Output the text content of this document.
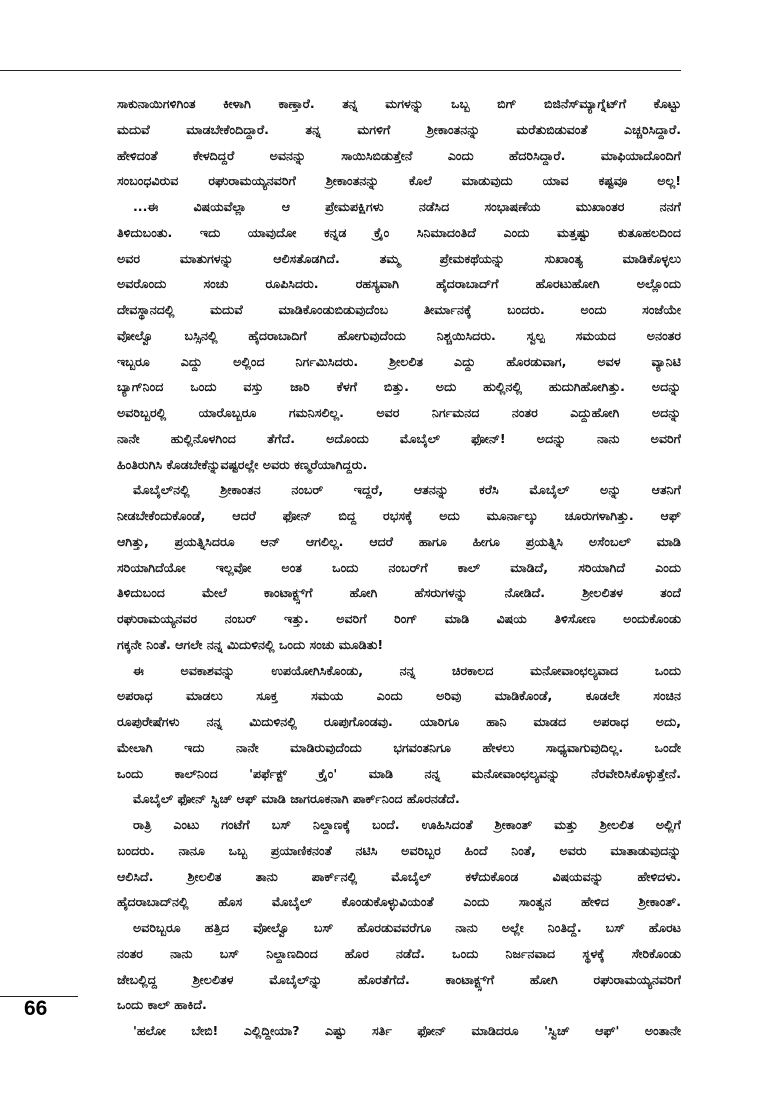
ಸಾಕುನಾಯಿಗಳಿಗಿಂತ ಕೀಳಾಗಿ ಕಾಣ್ತಾರೆ. ತನ್ನ ಮಗಳನ್ನು ಒಬ್ಬ ಬಿಗ್ ಬಿಜಿನೆಸ್‌ಮ್ಯಾಗ್ನೆಟ್‌ಗೆ ಕೊಟ್ಟು
ಮದುವೆ ಮಾಡಬೇಕೆಂದಿದ್ದಾರೆ. ತನ್ನ ಮಗಳಿಗೆ ಶ್ರೀಕಾಂತನನ್ನು ಮರೆತುಬಿಡುವಂತೆ ಎಚ್ಚರಿಸಿದ್ದಾರೆ.
ಹೇಳಿದಂತೆ ಕೇಳದಿದ್ದರೆ ಅವನನ್ನು ಸಾಯಿಸಿಬಿಡುತ್ತೇನೆ ಎಂದು ಹೆದರಿಸಿದ್ದಾರೆ. ಮಾಫಿಯಾದೊಂದಿಗೆ
ಸಂಬಂಧವಿರುವ ರಘುರಾಮಯ್ಯನವರಿಗೆ ಶ್ರೀಕಾಂತನನ್ನು ಕೊಲೆ ಮಾಡುವುದು ಯಾವ ಕಷ್ಟವೂ ಅಲ್ಲ!
...ಈ ವಿಷಯವೆಲ್ಲಾ ಆ ಪ್ರೇಮಪಕ್ಷಿಗಳು ನಡೆಸಿದ ಸಂಭಾಷಣೆಯ ಮುಖಾಂತರ ನನಗೆ
ತಿಳಿದುಬಂತು. ಇದು ಯಾವುದೋ ಕನ್ನಡ ಕ್ರೈಂ ಸಿನಿಮಾದಂತಿದೆ ಎಂದು ಮತ್ತಷ್ಟು ಕುತೂಹಲದಿಂದ
ಅವರ ಮಾತುಗಳನ್ನು ಆಲಿಸತೊಡಗಿದೆ. ತಮ್ಮ ಪ್ರೇಮಕಥೆಯನ್ನು ಸುಖಾಂತ್ಯ ಮಾಡಿಕೊಳ್ಳಲು
ಅವರೊಂದು ಸಂಚು ರೂಪಿಸಿದರು. ರಹಸ್ಯವಾಗಿ ಹೈದರಾಬಾದ್‌ಗೆ ಹೊರಟುಹೋಗಿ ಅಲ್ಲೊಂದು
ದೇವಸ್ಥಾನದಲ್ಲಿ ಮದುವೆ ಮಾಡಿಕೊಂಡುಬಿಡುವುದೆಂಬ ತೀರ್ಮಾನಕ್ಕೆ ಬಂದರು. ಅಂದು ಸಂಜೆಯೇ
ವೋಲ್ವೊ ಬಸ್ಸಿನಲ್ಲಿ ಹೈದರಾಬಾದಿಗೆ ಹೋಗುವುದೆಂದು ನಿಶ್ಚಯಿಸಿದರು. ಸ್ವಲ್ಪ ಸಮಯದ ಅನಂತರ
ಇಬ್ಬರೂ ಎದ್ದು ಅಲ್ಲಿಂದ ನಿರ್ಗಮಿಸಿದರು. ಶ್ರೀಲಲಿತ ಎದ್ದು ಹೊರಡುವಾಗ, ಅವಳ ವ್ಯಾನಿಟಿ
ಬ್ಯಾಗ್‌ನಿಂದ ಒಂದು ವಸ್ತು ಜಾರಿ ಕೆಳಗೆ ಬಿತ್ತು. ಅದು ಹುಲ್ಲಿನಲ್ಲಿ ಹುದುಗಿಹೋಗಿತ್ತು. ಅದನ್ನು
ಅವರಿಬ್ಬರಲ್ಲಿ ಯಾರೊಬ್ಬರೂ ಗಮನಿಸಲಿಲ್ಲ. ಅವರ ನಿರ್ಗಮನದ ನಂತರ ಎದ್ದುಹೋಗಿ ಅದನ್ನು
ನಾನೇ ಹುಲ್ಲಿನೊಳಗಿಂದ ತೆಗೆದೆ. ಅದೊಂದು ಮೊಬೈಲ್ ಫೋನ್! ಅದನ್ನು ನಾನು ಅವರಿಗೆ
ಹಿಂತಿರುಗಿಸಿ ಕೊಡಬೇಕೆನ್ನುವಷ್ಟರಲ್ಲೇ ಅವರು ಕಣ್ಮರೆಯಾಗಿದ್ದರು.
ಮೊಬೈಲ್‌ನಲ್ಲಿ ಶ್ರೀಕಾಂತನ ನಂಬರ್ ಇದ್ದರೆ, ಆತನನ್ನು ಕರೆಸಿ ಮೊಬೈಲ್ ಅನ್ನು ಆತನಿಗೆ
ನೀಡಬೇಕೆಂದುಕೊಂಡೆ, ಆದರೆ ಫೋನ್ ಬಿದ್ದ ರಭಸಕ್ಕೆ ಅದು ಮೂರ್ನಾಲ್ಕು ಚೂರುಗಳಾಗಿತ್ತು. ಆಫ್
ಆಗಿತ್ತು, ಪ್ರಯತ್ನಿಸಿದರೂ ಆನ್ ಆಗಲಿಲ್ಲ. ಆದರೆ ಹಾಗೂ ಹೀಗೂ ಪ್ರಯತ್ನಿಸಿ ಅಸೆಂಬಲ್ ಮಾಡಿ
ಸರಿಯಾಗಿದೆಯೋ ಇಲ್ಲವೋ ಅಂತ ಒಂದು ನಂಬರ್‌ಗೆ ಕಾಲ್ ಮಾಡಿದೆ, ಸರಿಯಾಗಿದೆ ಎಂದು
ತಿಳಿದುಬಂದ ಮೇಲೆ ಕಾಂಟಾಕ್ಟ್ಸ್‌ಗೆ ಹೋಗಿ ಹೆಸರುಗಳನ್ನು ನೋಡಿದೆ. ಶ್ರೀಲಲಿತಳ ತಂದೆ
ರಘುರಾಮಯ್ಯನವರ ನಂಬರ್ ಇತ್ತು. ಅವರಿಗೆ ರಿಂಗ್ ಮಾಡಿ ವಿಷಯ ತಿಳಿಸೋಣ ಅಂದುಕೊಂಡು
ಗಕ್ಕನೇ ನಿಂತೆ. ಆಗಲೇ ನನ್ನ ಮಿದುಳಿನಲ್ಲಿ ಒಂದು ಸಂಚು ಮೂಡಿತು!
ಈ ಅವಕಾಶವನ್ನು ಉಪಯೋಗಿಸಿಕೊಂಡು, ನನ್ನ ಚಿರಕಾಲದ ಮನೋವಾಂಛಲ್ಯವಾದ ಒಂದು
ಅಪರಾಧ ಮಾಡಲು ಸೂಕ್ತ ಸಮಯ ಎಂದು ಅರಿವು ಮಾಡಿಕೊಂಡೆ, ಕೂಡಲೇ ಸಂಚಿನ
ರೂಪುರೇಷೆಗಳು ನನ್ನ ಮಿದುಳಿನಲ್ಲಿ ರೂಪುಗೊಂಡವು. ಯಾರಿಗೂ ಹಾನಿ ಮಾಡದ ಅಪರಾಧ ಅದು,
ಮೇಲಾಗಿ ಇದು ನಾನೇ ಮಾಡಿರುವುದೆಂದು ಭಗವಂತನಿಗೂ ಹೇಳಲು ಸಾಧ್ಯವಾಗುವುದಿಲ್ಲ. ಒಂದೇ
ಒಂದು ಕಾಲ್‌ನಿಂದ 'ಪರ್ಫೆಕ್ಟ್ ಕ್ರೈಂ' ಮಾಡಿ ನನ್ನ ಮನೋವಾಂಛಲ್ಯವನ್ನು ನೆರವೇರಿಸಿಕೊಳ್ಳುತ್ತೇನೆ.
ಮೊಬೈಲ್ ಫೋನ್ ಸ್ವಿಚ್ ಆಫ್ ಮಾಡಿ ಜಾಗರೂಕನಾಗಿ ಪಾರ್ಕ್‌ನಿಂದ ಹೊರನಡೆದೆ.
ರಾತ್ರಿ ಎಂಟು ಗಂಟೆಗೆ ಬಸ್ ನಿಲ್ದಾಣಕ್ಕೆ ಬಂದೆ. ಊಹಿಸಿದಂತೆ ಶ್ರೀಕಾಂತ್ ಮತ್ತು ಶ್ರೀಲಲಿತ ಅಲ್ಲಿಗೆ
ಬಂದರು. ನಾನೂ ಒಬ್ಬ ಪ್ರಯಾಣಿಕನಂತೆ ನಟಿಸಿ ಅವರಿಬ್ಬರ ಹಿಂದೆ ನಿಂತೆ, ಅವರು ಮಾತಾಡುವುದನ್ನು
ಆಲಿಸಿದೆ. ಶ್ರೀಲಲಿತ ತಾನು ಪಾರ್ಕ್‌ನಲ್ಲಿ ಮೊಬೈಲ್ ಕಳೆದುಕೊಂಡ ವಿಷಯವನ್ನು ಹೇಳಿದಳು.
ಹೈದರಾಬಾದ್‌ನಲ್ಲಿ ಹೊಸ ಮೊಬೈಲ್ ಕೊಂಡುಕೊಳ್ಳುವಿಯಂತೆ ಎಂದು ಸಾಂತ್ವನ ಹೇಳಿದ ಶ್ರೀಕಾಂತ್.
ಅವರಿಬ್ಬರೂ ಹತ್ತಿದ ವೋಲ್ವೊ ಬಸ್ ಹೊರಡುವವರೆಗೂ ನಾನು ಅಲ್ಲೇ ನಿಂತಿದ್ದೆ. ಬಸ್ ಹೊರಟ
ನಂತರ ನಾನು ಬಸ್ ನಿಲ್ದಾಣದಿಂದ ಹೊರ ನಡೆದೆ. ಒಂದು ನಿರ್ಜನವಾದ ಸ್ಥಳಕ್ಕೆ ಸೇರಿಕೊಂಡು
ಜೇಬಲ್ಲಿದ್ದ ಶ್ರೀಲಲಿತಳ ಮೊಬೈಲ್‌ನ್ನು ಹೊರತೆಗೆದೆ. ಕಾಂಟಾಕ್ಟ್ಸ್‌ಗೆ ಹೋಗಿ ರಘುರಾಮಯ್ಯನವರಿಗೆ
ಒಂದು ಕಾಲ್ ಹಾಕಿದೆ.
'ಹಲೋ ಬೇಬಿ! ಎಲ್ಲಿದ್ದೀಯಾ? ಎಷ್ಟು ಸರ್ತಿ ಫೋನ್ ಮಾಡಿದರೂ 'ಸ್ವಿಚ್ ಆಫ್' ಅಂತಾನೇ
66
